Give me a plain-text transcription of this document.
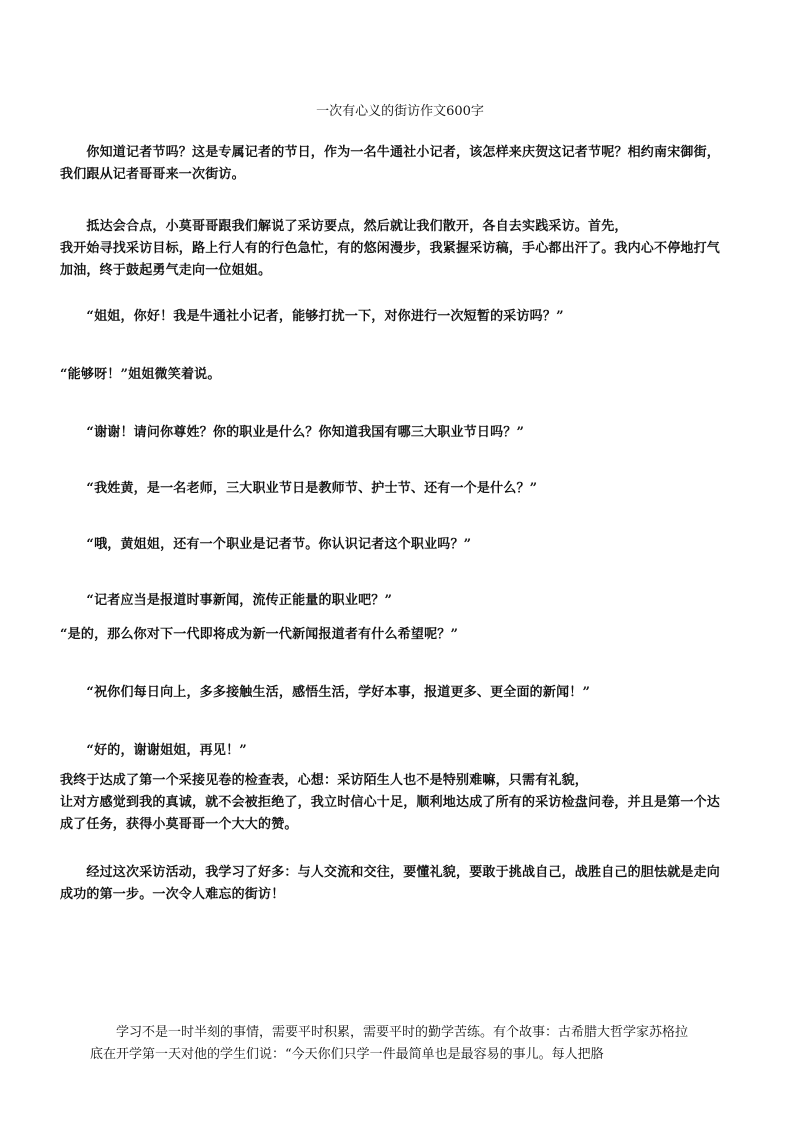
一次有心义的街访作文600字
　　你知道记者节吗？这是专属记者的节日，作为一名牛通社小记者，该怎样来庆贺这记者节呢？相约南宋御街，
我们跟从记者哥哥来一次街访。
　　抵达会合点，小莫哥哥跟我们解说了采访要点，然后就让我们散开，各自去实践采访。首先，
我开始寻找采访目标，路上行人有的行色急忙，有的悠闲漫步，我紧握采访稿，手心都出汗了。我内心不停地打气
加油，终于鼓起勇气走向一位姐姐。
　　“姐姐，你好！我是牛通社小记者，能够打扰一下，对你进行一次短暂的采访吗？”
“能够呀！”姐姐微笑着说。
　　“谢谢！请问你尊姓？你的职业是什么？你知道我国有哪三大职业节日吗？”
　　“我姓黄，是一名老师，三大职业节日是教师节、护士节、还有一个是什么？”
　　“哦，黄姐姐，还有一个职业是记者节。你认识记者这个职业吗？”
　　“记者应当是报道时事新闻，流传正能量的职业吧？”
“是的，那么你对下一代即将成为新一代新闻报道者有什么希望呢？”
　　“祝你们每日向上，多多接触生活，感悟生活，学好本事，报道更多、更全面的新闻！”
　　“好的，谢谢姐姐，再见！”
我终于达成了第一个采接见卷的检查表，心想：采访陌生人也不是特别难嘛，只需有礼貌，
让对方感觉到我的真诚，就不会被拒绝了，我立时信心十足，顺利地达成了所有的采访检盘问卷，并且是第一个达
成了任务，获得小莫哥哥一个大大的赞。
　　经过这次采访活动，我学习了好多：与人交流和交往，要懂礼貌，要敢于挑战自己，战胜自己的胆怯就是走向
成功的第一步。一次令人难忘的街访！
　　学习不是一时半刻的事情，需要平时积累，需要平时的勤学苦练。有个故事：古希腊大哲学家苏格拉
底在开学第一天对他的学生们说：“今天你们只学一件最简单也是最容易的事儿。每人把胳
